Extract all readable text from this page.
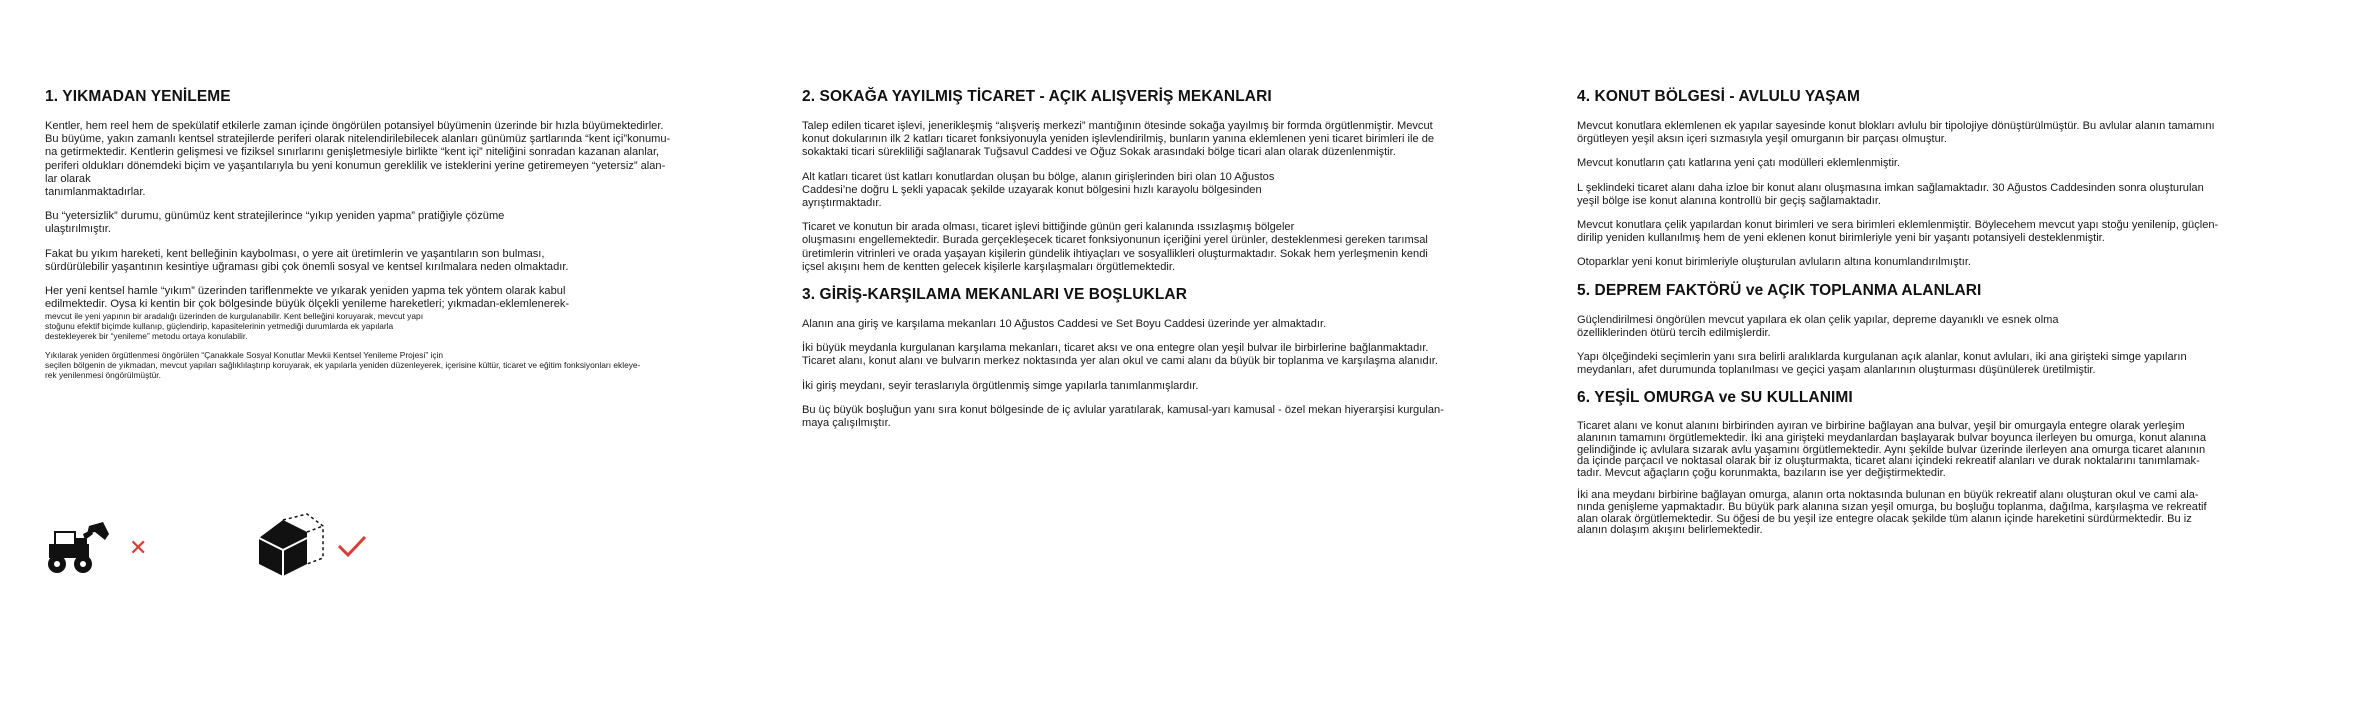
1. YIKMADAN YENİLEME

Kentler, hem reel hem de spekülatif etkilerle zaman içinde öngörülen potansiyel büyümenin üzerinde bir hızla büyümektedirler.
Bu büyüme, yakın zamanlı kentsel stratejilerde periferi olarak nitelendirilebilecek alanları günümüz şartlarında “kent içi”konumu-
na getirmektedir. Kentlerin gelişmesi ve fiziksel sınırlarını genişletmesiyle birlikte “kent içi” niteliğini sonradan kazanan alanlar,
periferi oldukları dönemdeki biçim ve yaşantılarıyla bu yeni konumun gereklilik ve isteklerini yerine getiremeyen “yetersiz” alan-
lar olarak
tanımlanmaktadırlar.

Bu “yetersizlik” durumu, günümüz kent stratejilerince “yıkıp yeniden yapma” pratiğiyle çözüme
ulaştırılmıştır.

Fakat bu yıkım hareketi, kent belleğinin kaybolması, o yere ait üretimlerin ve yaşantıların son bulması,
sürdürülebilir yaşantının kesintiye uğraması gibi çok önemli sosyal ve kentsel kırılmalara neden olmaktadır.

Her yeni kentsel hamle “yıkım” üzerinden tariflenmekte ve yıkarak yeniden yapma tek yöntem olarak kabul
edilmektedir. Oysa ki kentin bir çok bölgesinde büyük ölçekli yenileme hareketleri; yıkmadan-eklemlenerek-

mevcut ile yeni yapının bir aradalığı üzerinden de kurgulanabilir. Kent belleğini koruyarak, mevcut yapı
stoğunu efektif biçimde kullanıp, güçlendirip, kapasitelerinin yetmediği durumlarda ek yapılarla
destekleyerek bir “yenileme” metodu ortaya konulabilir.

Yıkılarak yeniden örgütlenmesi öngörülen “Çanakkale Sosyal Konutlar Mevkii Kentsel Yenileme Projesi” için
seçilen bölgenin de yıkmadan, mevcut yapıları sağlıklılaştırıp koruyarak, ek yapılarla yeniden düzenleyerek, içerisine kültür, ticaret ve eğitim fonksiyonları ekleye-
rek yenilenmesi öngörülmüştür.

✕
2. SOKAĞA YAYILMIŞ TİCARET - AÇIK ALIŞVERİŞ MEKANLARI

Talep edilen ticaret işlevi, jenerikleşmiş “alışveriş merkezi” mantığının ötesinde sokağa yayılmış bir formda örgütlenmiştir. Mevcut
konut dokularının ilk 2 katları ticaret fonksiyonuyla yeniden işlevlendirilmiş, bunların yanına eklemlenen yeni ticaret birimleri ile de
sokaktaki ticari sürekliliği sağlanarak Tuğsavul Caddesi ve Oğuz Sokak arasındaki bölge ticari alan olarak düzenlenmiştir.

Alt katları ticaret üst katları konutlardan oluşan bu bölge, alanın girişlerinden biri olan 10 Ağustos
Caddesi’ne doğru L şekli yapacak şekilde uzayarak konut bölgesini hızlı karayolu bölgesinden
ayrıştırmaktadır.

Ticaret ve konutun bir arada olması, ticaret işlevi bittiğinde günün geri kalanında ıssızlaşmış bölgeler
oluşmasını engellemektedir. Burada gerçekleşecek ticaret fonksiyonunun içeriğini yerel ürünler, desteklenmesi gereken tarımsal
üretimlerin vitrinleri ve orada yaşayan kişilerin gündelik ihtiyaçları ve sosyallikleri oluşturmaktadır. Sokak hem yerleşmenin kendi
içsel akışını hem de kentten gelecek kişilerle karşılaşmaları örgütlemektedir.

3. GİRİŞ-KARŞILAMA MEKANLARI VE BOŞLUKLAR

Alanın ana giriş ve karşılama mekanları 10 Ağustos Caddesi ve Set Boyu Caddesi üzerinde yer almaktadır.

İki büyük meydanla kurgulanan karşılama mekanları, ticaret aksı ve ona entegre olan yeşil bulvar ile birbirlerine bağlanmaktadır.
Ticaret alanı, konut alanı ve bulvarın merkez noktasında yer alan okul ve cami alanı da büyük bir toplanma ve karşılaşma alanıdır.

İki giriş meydanı, seyir teraslarıyla örgütlenmiş simge yapılarla tanımlanmışlardır.

Bu üç büyük boşluğun yanı sıra konut bölgesinde de iç avlular yaratılarak, kamusal-yarı kamusal - özel mekan hiyerarşisi kurgulan-
maya çalışılmıştır.

4. KONUT BÖLGESİ - AVLULU YAŞAM

Mevcut konutlara eklemlenen ek yapılar sayesinde konut blokları avlulu bir tipolojiye dönüştürülmüştür. Bu avlular alanın tamamını
örgütleyen yeşil aksın içeri sızmasıyla yeşil omurganın bir parçası olmuştur.

Mevcut konutların çatı katlarına yeni çatı modülleri eklemlenmiştir.

L şeklindeki ticaret alanı daha izloe bir konut alanı oluşmasına imkan sağlamaktadır. 30 Ağustos Caddesinden sonra oluşturulan
yeşil bölge ise konut alanına kontrollü bir geçiş sağlamaktadır.

Mevcut konutlara çelik yapılardan konut birimleri ve sera birimleri eklemlenmiştir. Böylecehem mevcut yapı stoğu yenilenip, güçlen-
dirilip yeniden kullanılmış hem de yeni eklenen konut birimleriyle yeni bir yaşantı potansiyeli desteklenmiştir.

Otoparklar yeni konut birimleriyle oluşturulan avluların altına konumlandırılmıştır.

5. DEPREM FAKTÖRÜ ve AÇIK TOPLANMA ALANLARI

Güçlendirilmesi öngörülen mevcut yapılara ek olan çelik yapılar, depreme dayanıklı ve esnek olma
özelliklerinden ötürü tercih edilmişlerdir.

Yapı ölçeğindeki seçimlerin yanı sıra belirli aralıklarda kurgulanan açık alanlar, konut avluları, iki ana girişteki simge yapıların
meydanları, afet durumunda toplanılması ve geçici yaşam alanlarının oluşturması düşünülerek üretilmiştir.

6. YEŞİL OMURGA ve SU KULLANIMI

Ticaret alanı ve konut alanını birbirinden ayıran ve birbirine bağlayan ana bulvar, yeşil bir omurgayla entegre olarak yerleşim
alanının tamamını örgütlemektedir. İki ana girişteki meydanlardan başlayarak bulvar boyunca ilerleyen bu omurga, konut alanına
gelindiğinde iç avlulara sızarak avlu yaşamını örgütlemektedir. Aynı şekilde bulvar üzerinde ilerleyen ana omurga ticaret alanının
da içinde parçacıl ve noktasal olarak bir iz oluşturmakta, ticaret alanı içindeki rekreatif alanları ve durak noktalarını tanımlamak-
tadır. Mevcut ağaçların çoğu korunmakta, bazıların ise yer değiştirmektedir.

İki ana meydanı birbirine bağlayan omurga, alanın orta noktasında bulunan en büyük rekreatif alanı oluşturan okul ve cami ala-
nında genişleme yapmaktadır. Bu büyük park alanına sızan yeşil omurga, bu boşluğu toplanma, dağılma, karşılaşma ve rekreatif
alan olarak örgütlemektedir. Su öğesi de bu yeşil ize entegre olacak şekilde tüm alanın içinde hareketini sürdürmektedir. Bu iz
alanın dolaşım akışını belirlemektedir.
